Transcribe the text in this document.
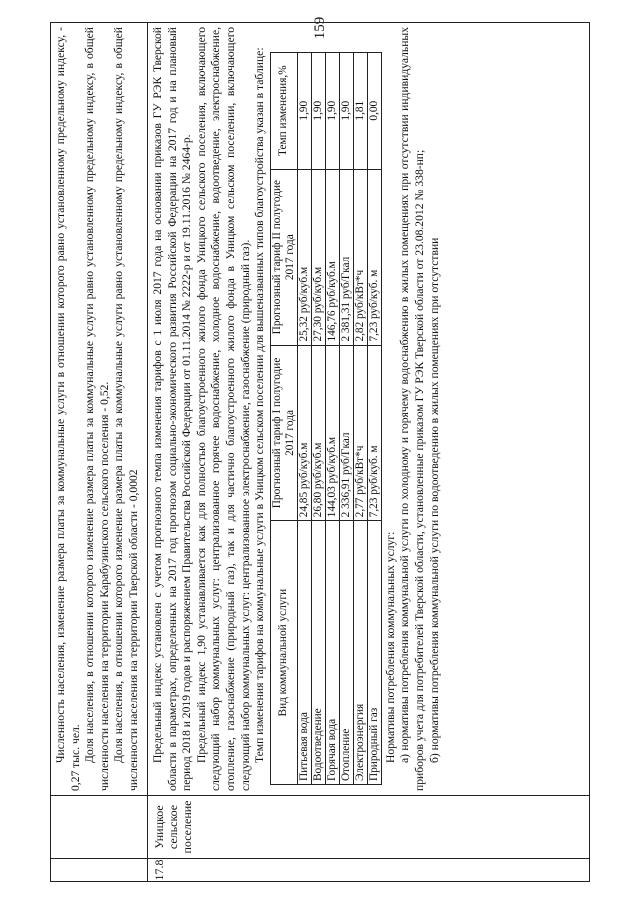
159

Численность населения, изменение размера платы за коммунальные услуги в отношении которого равно установленному предельному индексу, - 0,27 тыс. чел. Доля населения, в отношении которого изменение размера платы за коммунальные услуги равно установленному предельному индексу, в общей численности населения на территории Карабузинского сельского поселения - 0,52. Доля населения, в отношении которого изменение размера платы за коммунальные услуги равно установленному предельному индексу, в общей численности населения на территории Тверской области - 0,0002

17.8	Уницкое сельское поселение	

Предельный индекс установлен с учетом прогнозного темпа изменения тарифов с 1 июля 2017 года на основании приказов ГУ РЭК Тверской области в параметрах, определенных на 2017 год прогнозом социально-экономического развития Российской Федерации на 2017 год и на плановый период 2018 и 2019 годов и распоряжением Правительства Российской Федерации от 01.11.2014 № 2222-р и от 19.11.2016 № 2464-р. Предельный индекс 1,90 устанавливается как для полностью благоустроенного жилого фонда Уницкого сельского поселения, включающего следующий набор коммунальных услуг: централизованное горячее водоснабжение, холодное водоснабжение, водоотведение, электроснабжение, отопление, газоснабжение (природный газ), так и для частично благоустроенного жилого фонда в Уницком сельском поселении, включающего следующий набор коммунальных услуг: централизованное электроснабжение, газоснабжение (природный газ). Темп изменения тарифов на коммунальные услуги в Уницком сельском поселении для вышеназванных типов благоустройства указан в таблице: Вид коммунальной услуги	Прогнозный тариф I полугодие 2017 года	Прогнозный тариф II полугодие 2017 года	Темп изменения,%
Питьевая вода	24,85 руб/куб.м	25,32 руб/куб.м	1,90
Водоотведение	26,80 руб/куб.м	27,30 руб/куб.м	1,90
Горячая вода	144,03 руб/куб.м	146,76 руб/куб.м	1,90
Отопление	2 336,91 руб/Гкал	2 381,31 руб/Гкал	1,90
Электроэнергия	2,77 руб/кВт*ч	2,82 руб/кВт*ч	1,81
Природный газ	7,23 руб/куб. м	7,23 руб/куб. м	0,00

Нормативы потребления коммунальных услуг: а) нормативы потребления коммунальной услуги по холодному и горячему водоснабжению в жилых помещениях при отсутствии индивидуальных приборов учета для потребителей Тверской области, установленные приказом ГУ РЭК Тверской области от 23.08.2012 № 338-нп; б) нормативы потребления коммунальной услуги по водоотведению в жилых помещениях при отсутствии
